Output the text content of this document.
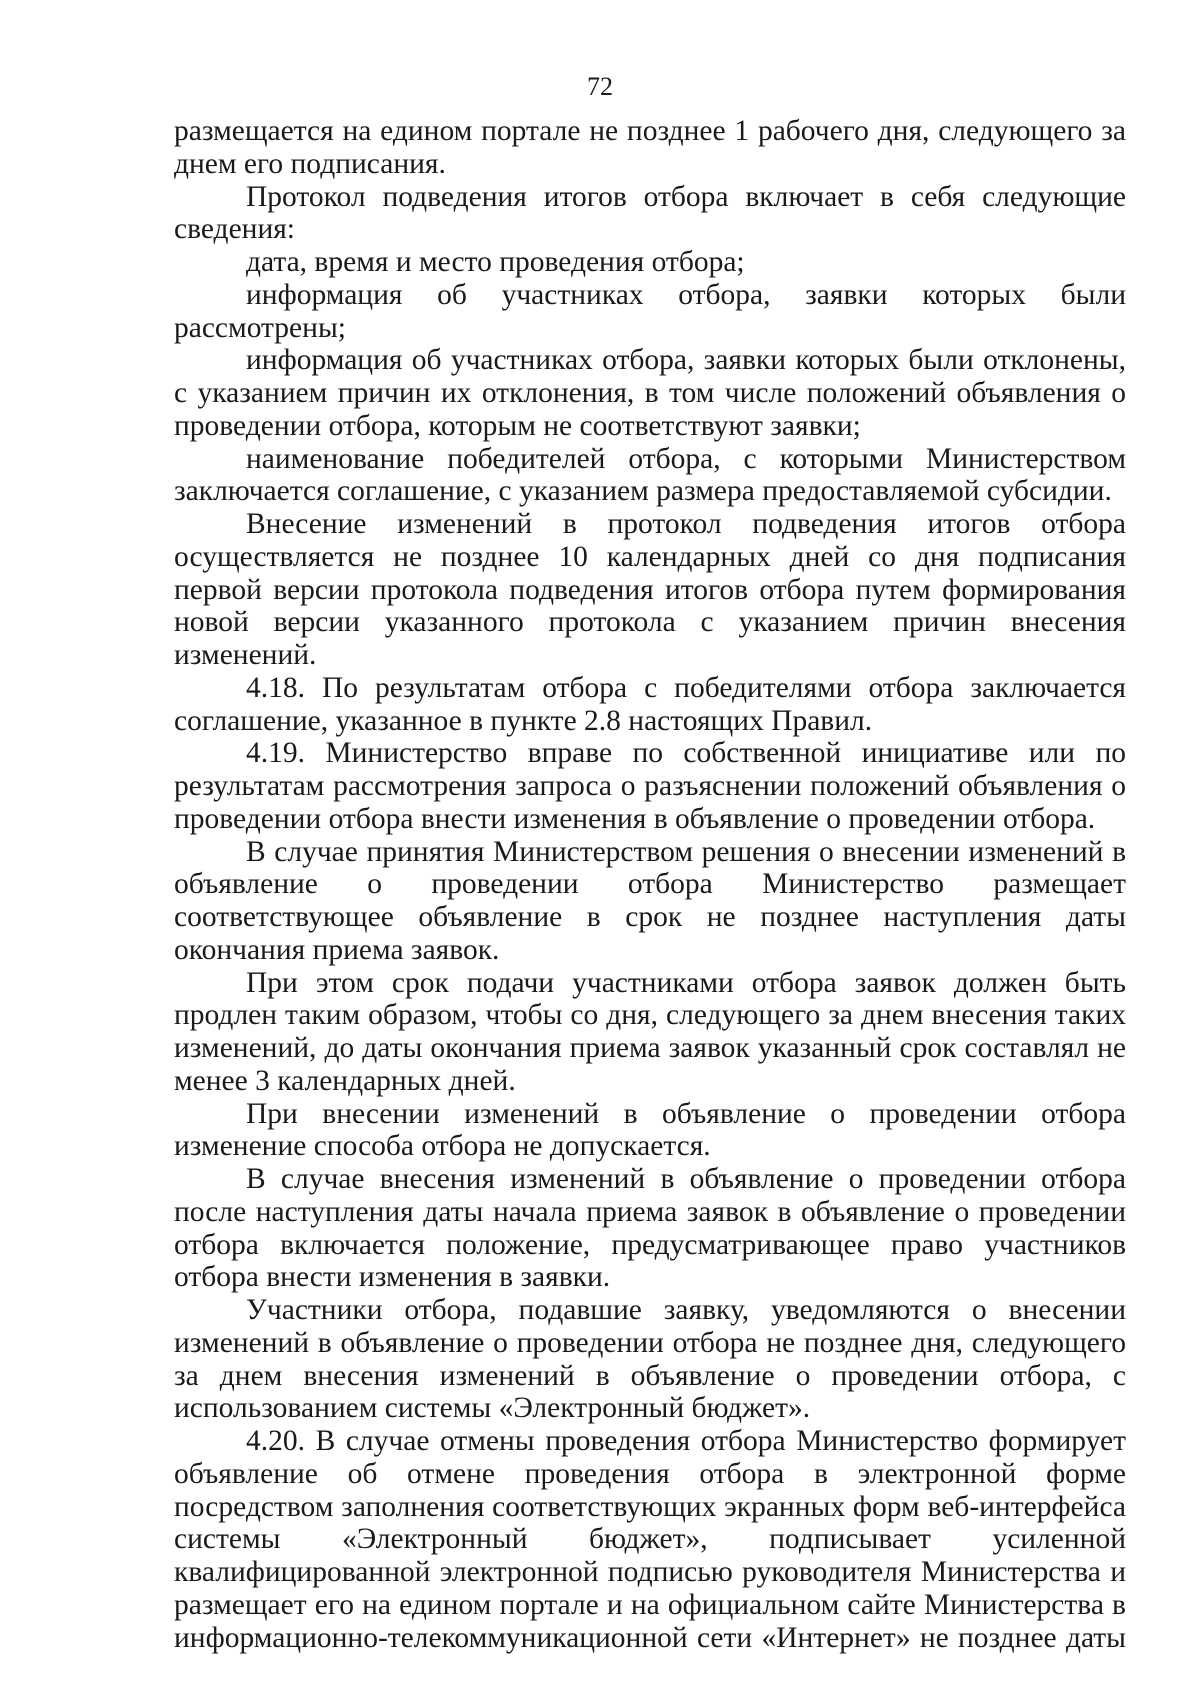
72

размещается на едином портале не позднее 1 рабочего дня, следующего за днем его подписания.

Протокол подведения итогов отбора включает в себя следующие сведения:

дата, время и место проведения отбора;

информация об участниках отбора, заявки которых были рассмотрены;

информация об участниках отбора, заявки которых были отклонены, с указанием причин их отклонения, в том числе положений объявления о проведении отбора, которым не соответствуют заявки;

наименование победителей отбора, с которыми Министерством заключается соглашение, с указанием размера предоставляемой субсидии.

Внесение изменений в протокол подведения итогов отбора осуществляется не позднее 10 календарных дней со дня подписания первой версии протокола подведения итогов отбора путем формирования новой версии указанного протокола с указанием причин внесения изменений.

4.18. По результатам отбора с победителями отбора заключается соглашение, указанное в пункте 2.8 настоящих Правил.

4.19. Министерство вправе по собственной инициативе или по результатам рассмотрения запроса о разъяснении положений объявления о проведении отбора внести изменения в объявление о проведении отбора.

В случае принятия Министерством решения о внесении изменений в объявление о проведении отбора Министерство размещает соответствующее объявление в срок не позднее наступления даты окончания приема заявок.

При этом срок подачи участниками отбора заявок должен быть продлен таким образом, чтобы со дня, следующего за днем внесения таких изменений, до даты окончания приема заявок указанный срок составлял не менее 3 календарных дней.

При внесении изменений в объявление о проведении отбора изменение способа отбора не допускается.

В случае внесения изменений в объявление о проведении отбора после наступления даты начала приема заявок в объявление о проведении отбора включается положение, предусматривающее право участников отбора внести изменения в заявки.

Участники отбора, подавшие заявку, уведомляются о внесении изменений в объявление о проведении отбора не позднее дня, следующего за днем внесения изменений в объявление о проведении отбора, с использованием системы «Электронный бюджет».

4.20. В случае отмены проведения отбора Министерство формирует объявление об отмене проведения отбора в электронной форме посредством заполнения соответствующих экранных форм веб-интерфейса системы «Электронный бюджет», подписывает усиленной квалифицированной электронной подписью руководителя Министерства и размещает его на едином портале и на официальном сайте Министерства в информационно-телекоммуникационной сети «Интернет» не позднее даты
